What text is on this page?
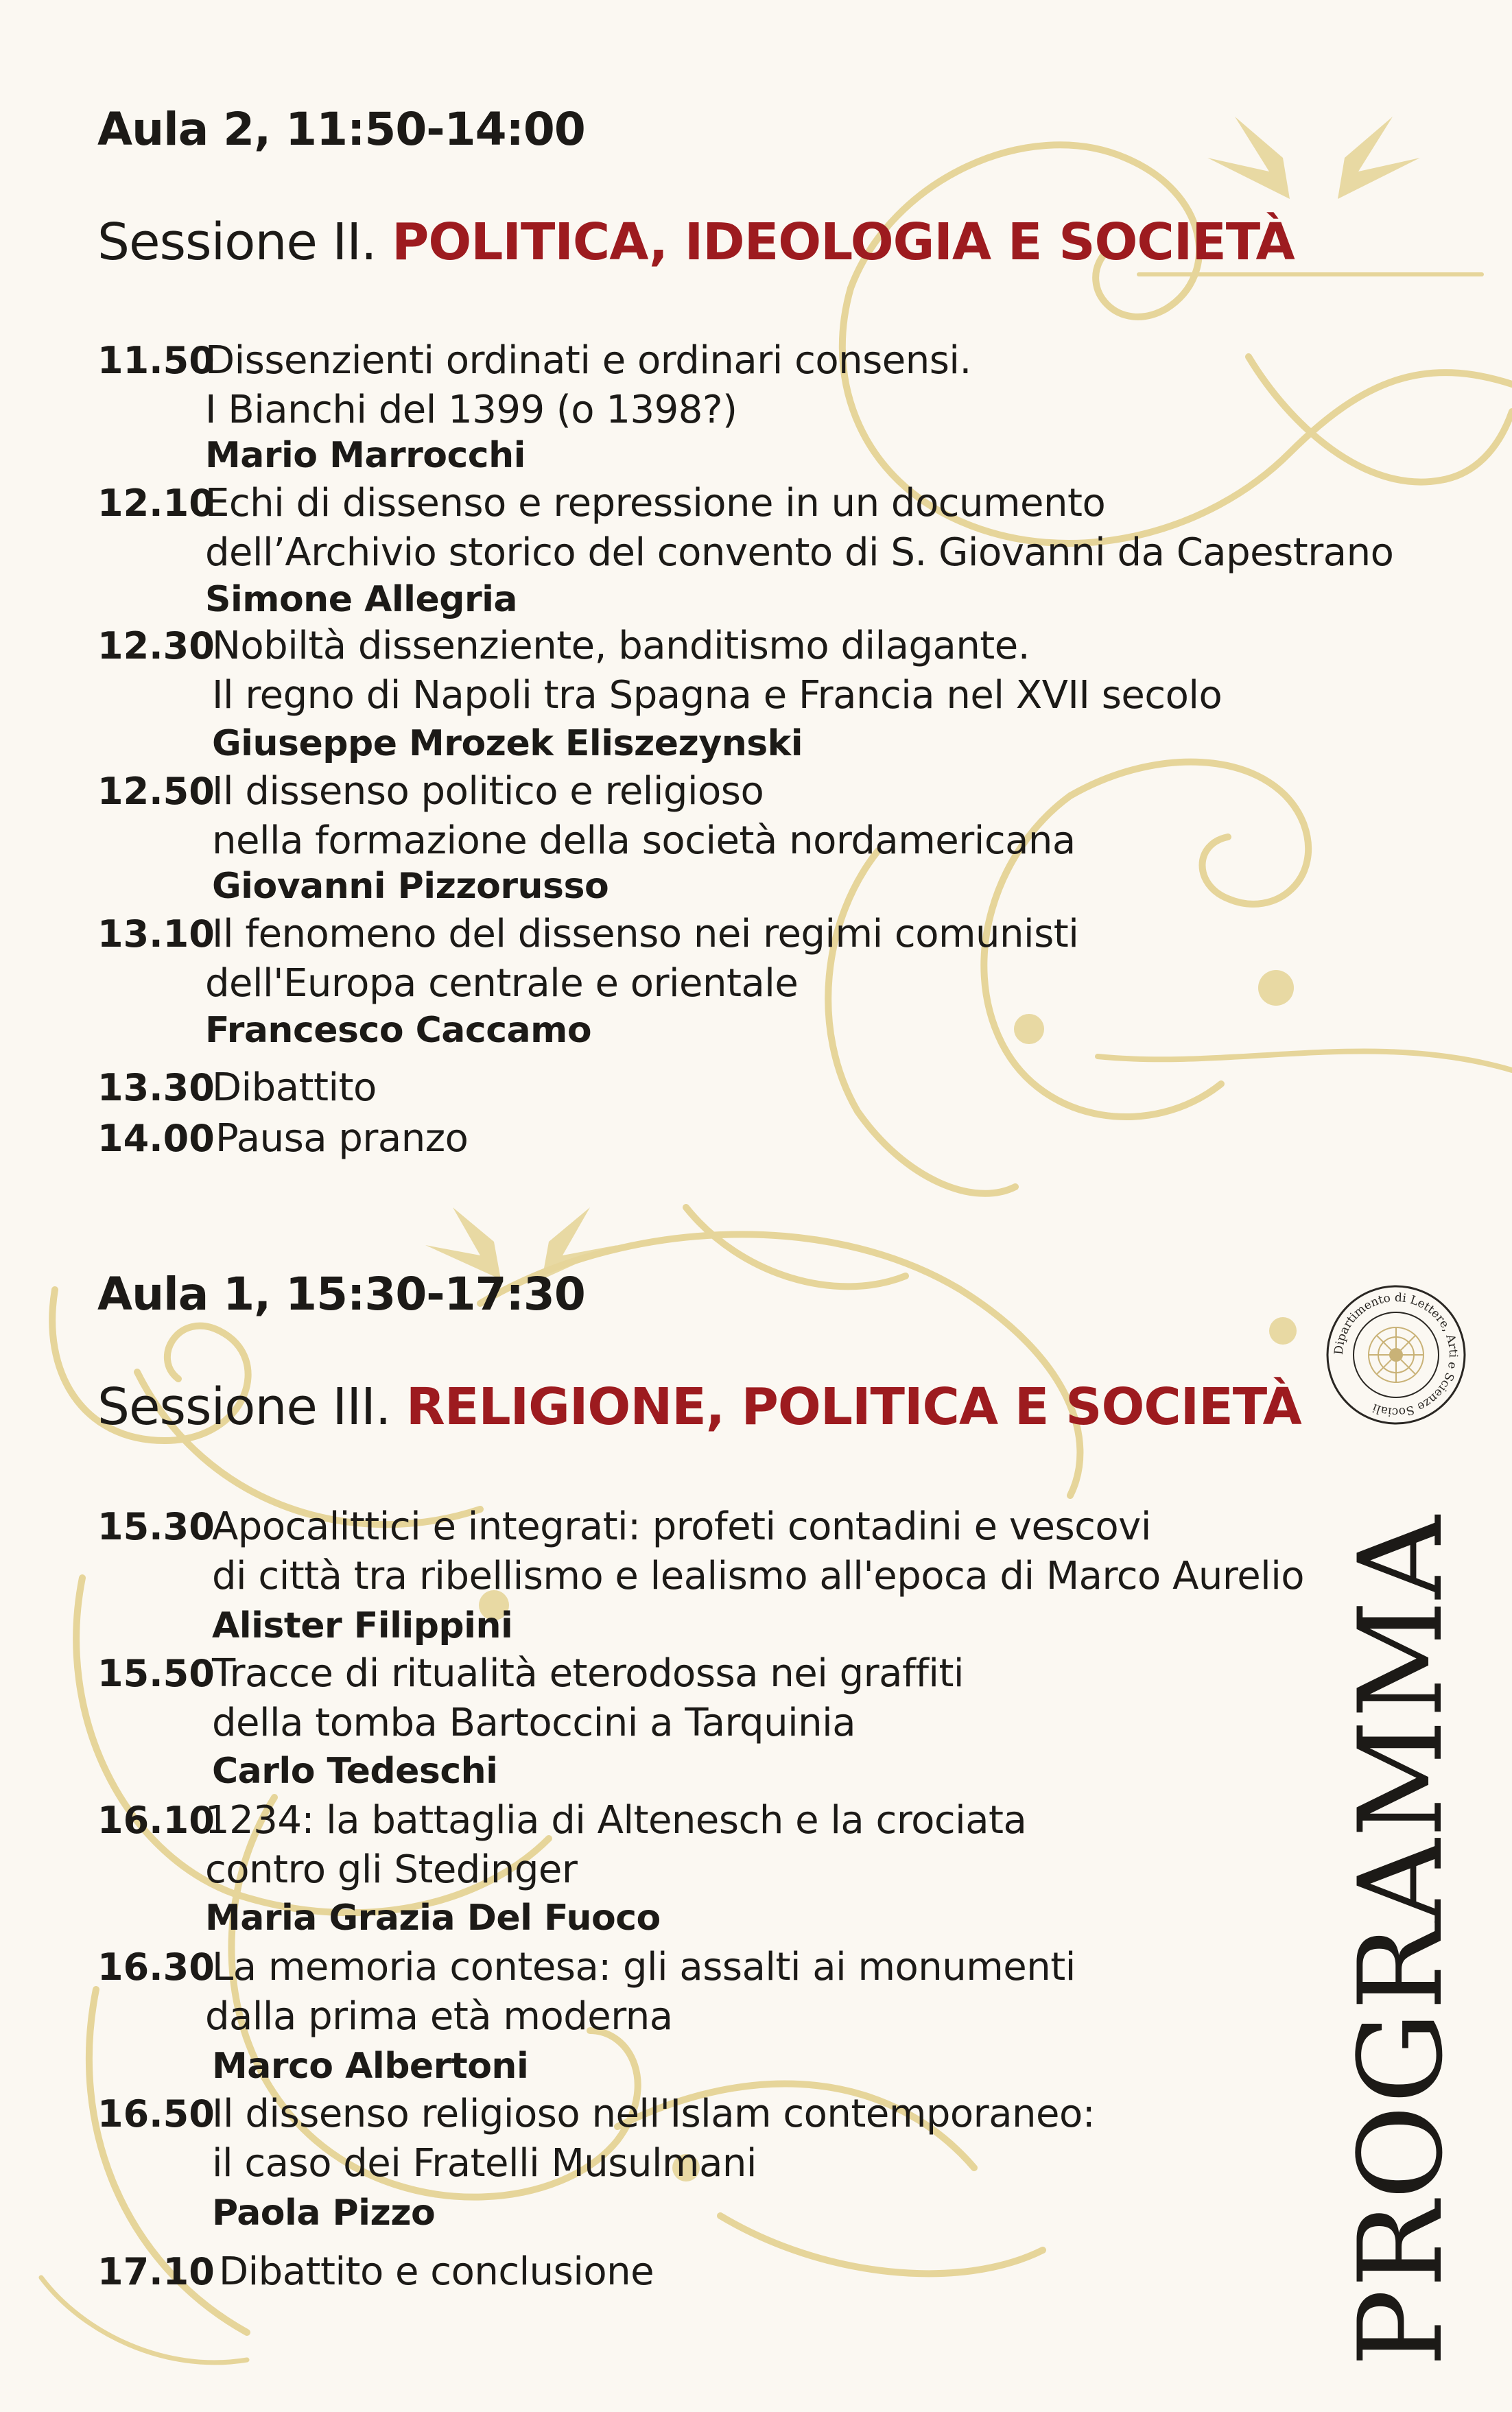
Aula 2, 11:50-14:00
Sessione II. POLITICA, IDEOLOGIA E SOCIETÀ
11.50
Dissenzienti ordinati e ordinari consensi.
I Bianchi del 1399 (o 1398?)
Mario Marrocchi
12.10
Echi di dissenso e repressione in un documento
dell’Archivio storico del convento di S. Giovanni da Capestrano
Simone Allegria
12.30
Nobiltà dissenziente, banditismo dilagante.
Il regno di Napoli tra Spagna e Francia nel XVII secolo
Giuseppe Mrozek Eliszezynski
12.50
Il dissenso politico e religioso
nella formazione della società nordamericana
Giovanni Pizzorusso
13.10
Il fenomeno del dissenso nei regimi comunisti
dell'Europa centrale e orientale
Francesco Caccamo
13.30
Dibattito
14.00 Pausa pranzo
Aula 1, 15:30-17:30
Sessione III. RELIGIONE, POLITICA E SOCIETÀ
15.30
Apocalittici e integrati: profeti contadini e vescovi
di città tra ribellismo e lealismo all'epoca di Marco Aurelio
Alister Filippini
15.50
Tracce di ritualità eterodossa nei graffiti
della tomba Bartoccini a Tarquinia
Carlo Tedeschi
16.10
1234: la battaglia di Altenesch e la crociata
contro gli Stedinger
Maria Grazia Del Fuoco
16.30
La memoria contesa: gli assalti ai monumenti
dalla prima età moderna
Marco Albertoni
16.50
Il dissenso religioso nell'Islam contemporaneo:
il caso dei Fratelli Musulmani
Paola Pizzo
17.10 Dibattito e conclusione
Dipartimento di Lettere, Arti e Scienze Sociali
PROGRAMMA
